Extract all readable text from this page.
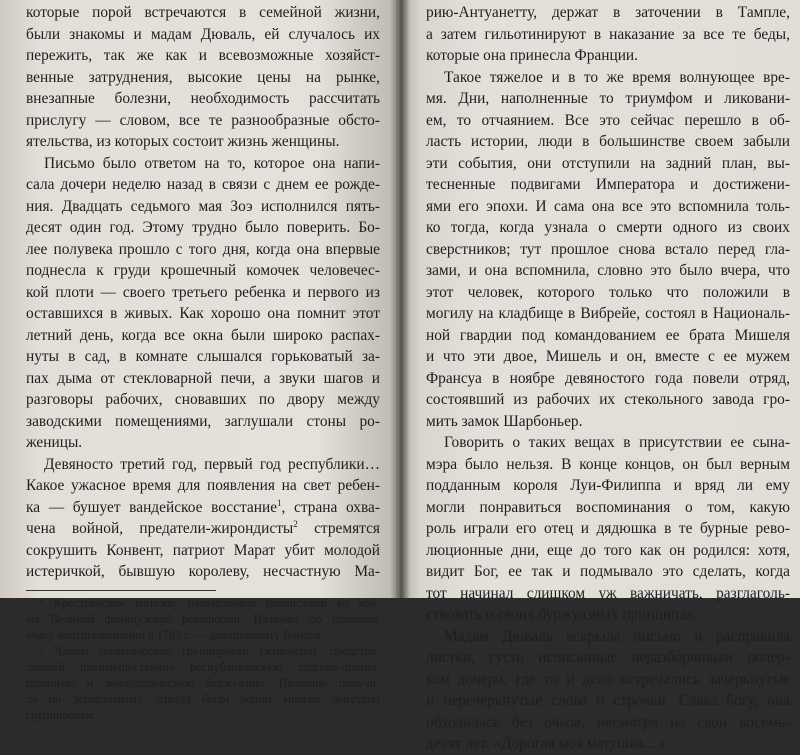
которые порой встречаются в семейной жизни,
были знакомы и мадам Дюваль, ей случалось их
пережить, так же как и всевозможные хозяйст-
венные затруднения, высокие цены на рынке,
внезапные болезни, необходимость рассчитать
прислугу — словом, все те разнообразные обсто-
ятельства, из которых состоит жизнь женщины.
Письмо было ответом на то, которое она напи-
сала дочери неделю назад в связи с днем ее рожде-
ния. Двадцать седьмого мая Зоэ исполнился пять-
десят один год. Этому трудно было поверить. Бо-
лее полувека прошло с того дня, когда она впервые
поднесла к груди крошечный комочек человечес-
кой плоти — своего третьего ребенка и первого из
оставшихся в живых. Как хорошо она помнит этот
летний день, когда все окна были широко распах-
нуты в сад, в комнате слышался горьковатый за-
пах дыма от стекловарной печи, а звуки шагов и
разговоры рабочих, сновавших по двору между
заводскими помещениями, заглушали стоны ро-
женицы.
Девяносто третий год, первый год республики…
Какое ужасное время для появления на свет ребен-
ка — бушует вандейское восстание$^1$, страна охва-
чена войной, предатели-жирондисты$^2$ стремятся
сокрушить Конвент, патриот Марат убит молодой
истеричкой, бывшую королеву, несчастную Ма-
¹ Крестьянские мятежи, разжигаемые роялистами во вре-
мя Великой французской революции. Названы по главному
очагу контрреволюции в 1793 г. — департаменту Вандея.
² Члены политической группировки (жиронды), представ-
лявшей преимущественно республиканскую торгово-промы-
шленную и земледельческую буржуазию. Название получи-
ла по департаменту, откуда были родом многие депутаты
группировки.
рию-Антуанетту, держат в заточении в Тампле,
а затем гильотинируют в наказание за все те беды,
которые она принесла Франции.
Такое тяжелое и в то же время волнующее вре-
мя. Дни, наполненные то триумфом и ликовани-
ем, то отчаянием. Все это сейчас перешло в об-
ласть истории, люди в большинстве своем забыли
эти события, они отступили на задний план, вы-
тесненные подвигами Императора и достижени-
ями его эпохи. И сама она все это вспомнила толь-
ко тогда, когда узнала о смерти одного из своих
сверстников; тут прошлое снова встало перед гла-
зами, и она вспомнила, словно это было вчера, что
этот человек, которого только что положили в
могилу на кладбище в Вибрейе, состоял в Националь-
ной гвардии под командованием ее брата Мишеля
и что эти двое, Мишель и он, вместе с ее мужем
Франсуа в ноябре девяностого года повели отряд,
состоявший из рабочих их стекольного завода гро-
мить замок Шарбоньер.
Говорить о таких вещах в присутствии ее сына-
мэра было нельзя. В конце концов, он был верным
подданным короля Луи-Филиппа и вряд ли ему
могли понравиться воспоминания о том, какую
роль играли его отец и дядюшка в те бурные рево-
люционные дни, еще до того как он родился: хотя,
видит Бог, ее так и подмывало это сделать, когда
тот начинал слишком уж важничать, разглаголь-
ствовать о своих буржуазных принципах.
Мадам Дюваль вскрыла письмо и расправила
листки, густо исписанные неразборчивым почер-
ком дочери, где то и дело встречались зачеркнутые
и перечеркнутые слова и строчки. Слава богу, она
обходилась без очков, несмотря на свои восемь-
десят лет. «Дорогая моя матушка…»
